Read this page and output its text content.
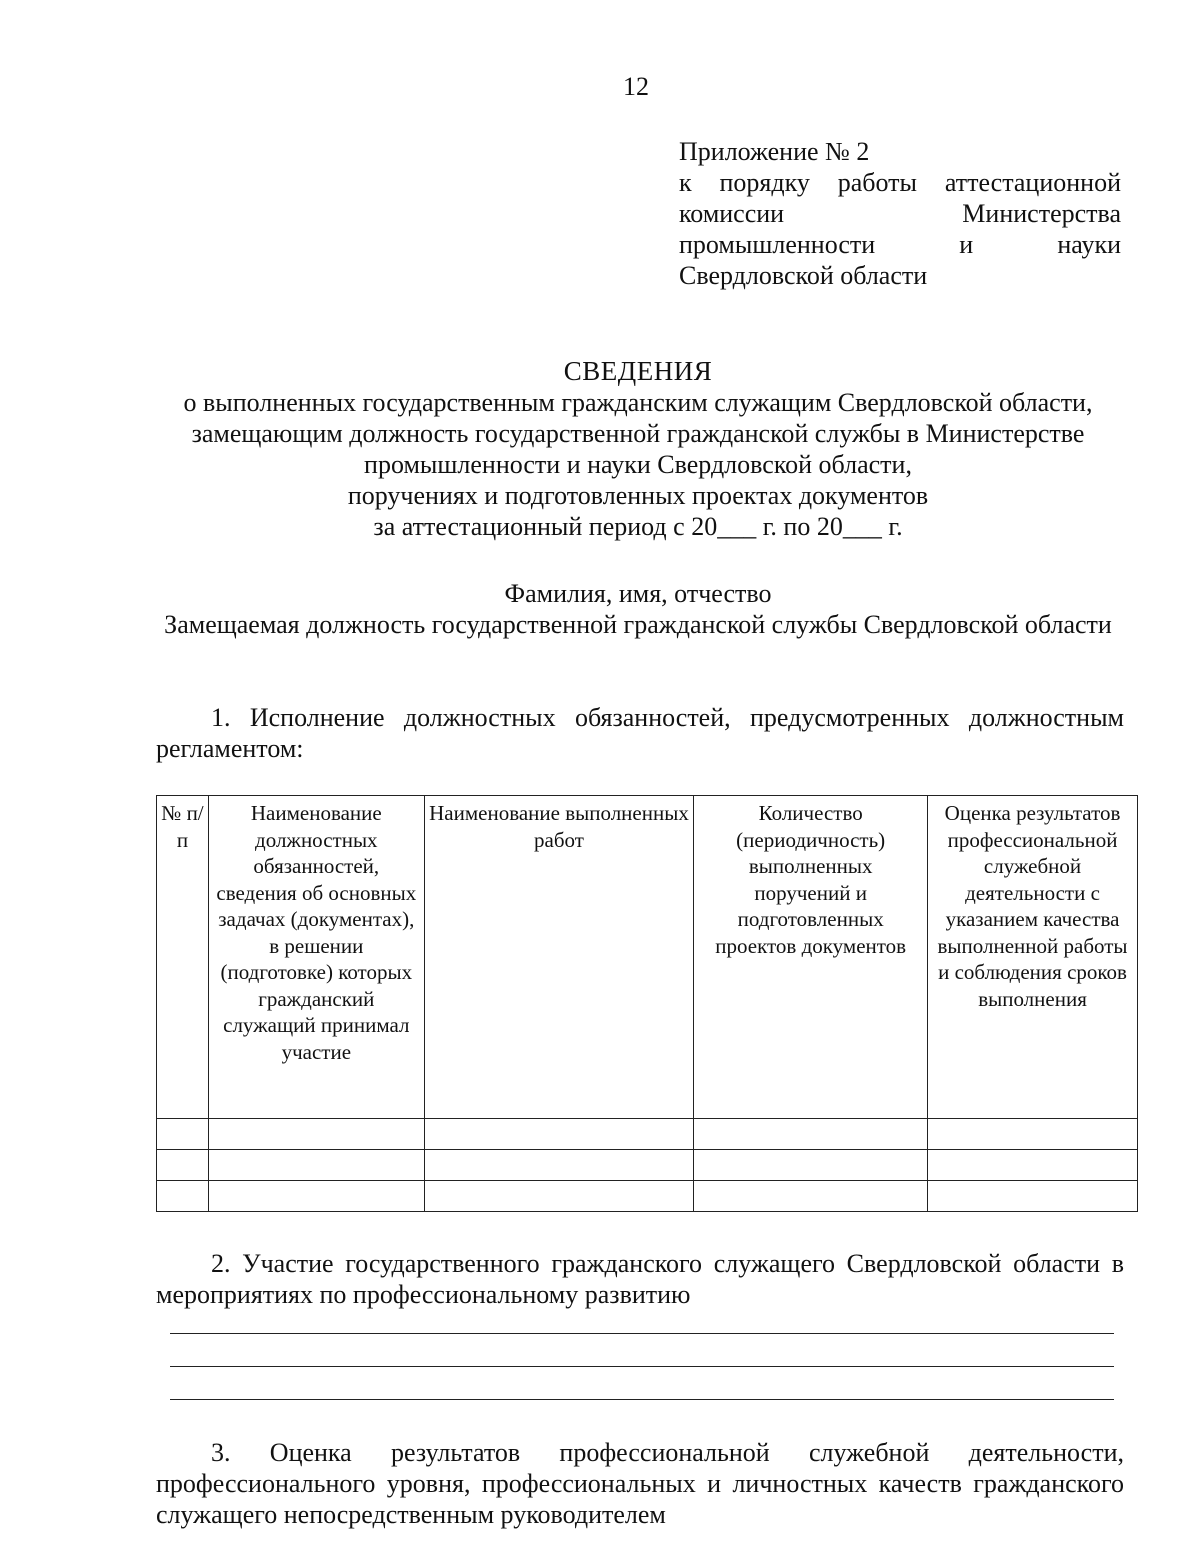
12
Приложение № 2
к порядку работы аттестационной
комиссии Министерства
промышленности и науки
Свердловской области
СВЕДЕНИЯ
о выполненных государственным гражданским служащим Свердловской области,
замещающим должность государственной гражданской службы в Министерстве
промышленности и науки Свердловской области,
поручениях и подготовленных проектах документов
за аттестационный период с 20___ г. по 20___ г.
Фамилия, имя, отчество
Замещаемая должность государственной гражданской службы Свердловской области
1. Исполнение должностных обязанностей, предусмотренных должностным регламентом:
№ п/п	Наименование должностных обязанностей, сведения об основных задачах (документах), в решении (подготовке) которых гражданский служащий принимал участие	Наименование выполненных работ	Количество (периодичность) выполненных поручений и подготовленных проектов документов	Оценка результатов профессиональной служебной деятельности с указанием качества выполненной работы и соблюдения сроков выполнения

2. Участие государственного гражданского служащего Свердловской области в мероприятиях по профессиональному развитию
3. Оценка результатов профессиональной служебной деятельности, профессионального уровня, профессиональных и личностных качеств гражданского служащего непосредственным руководителем
